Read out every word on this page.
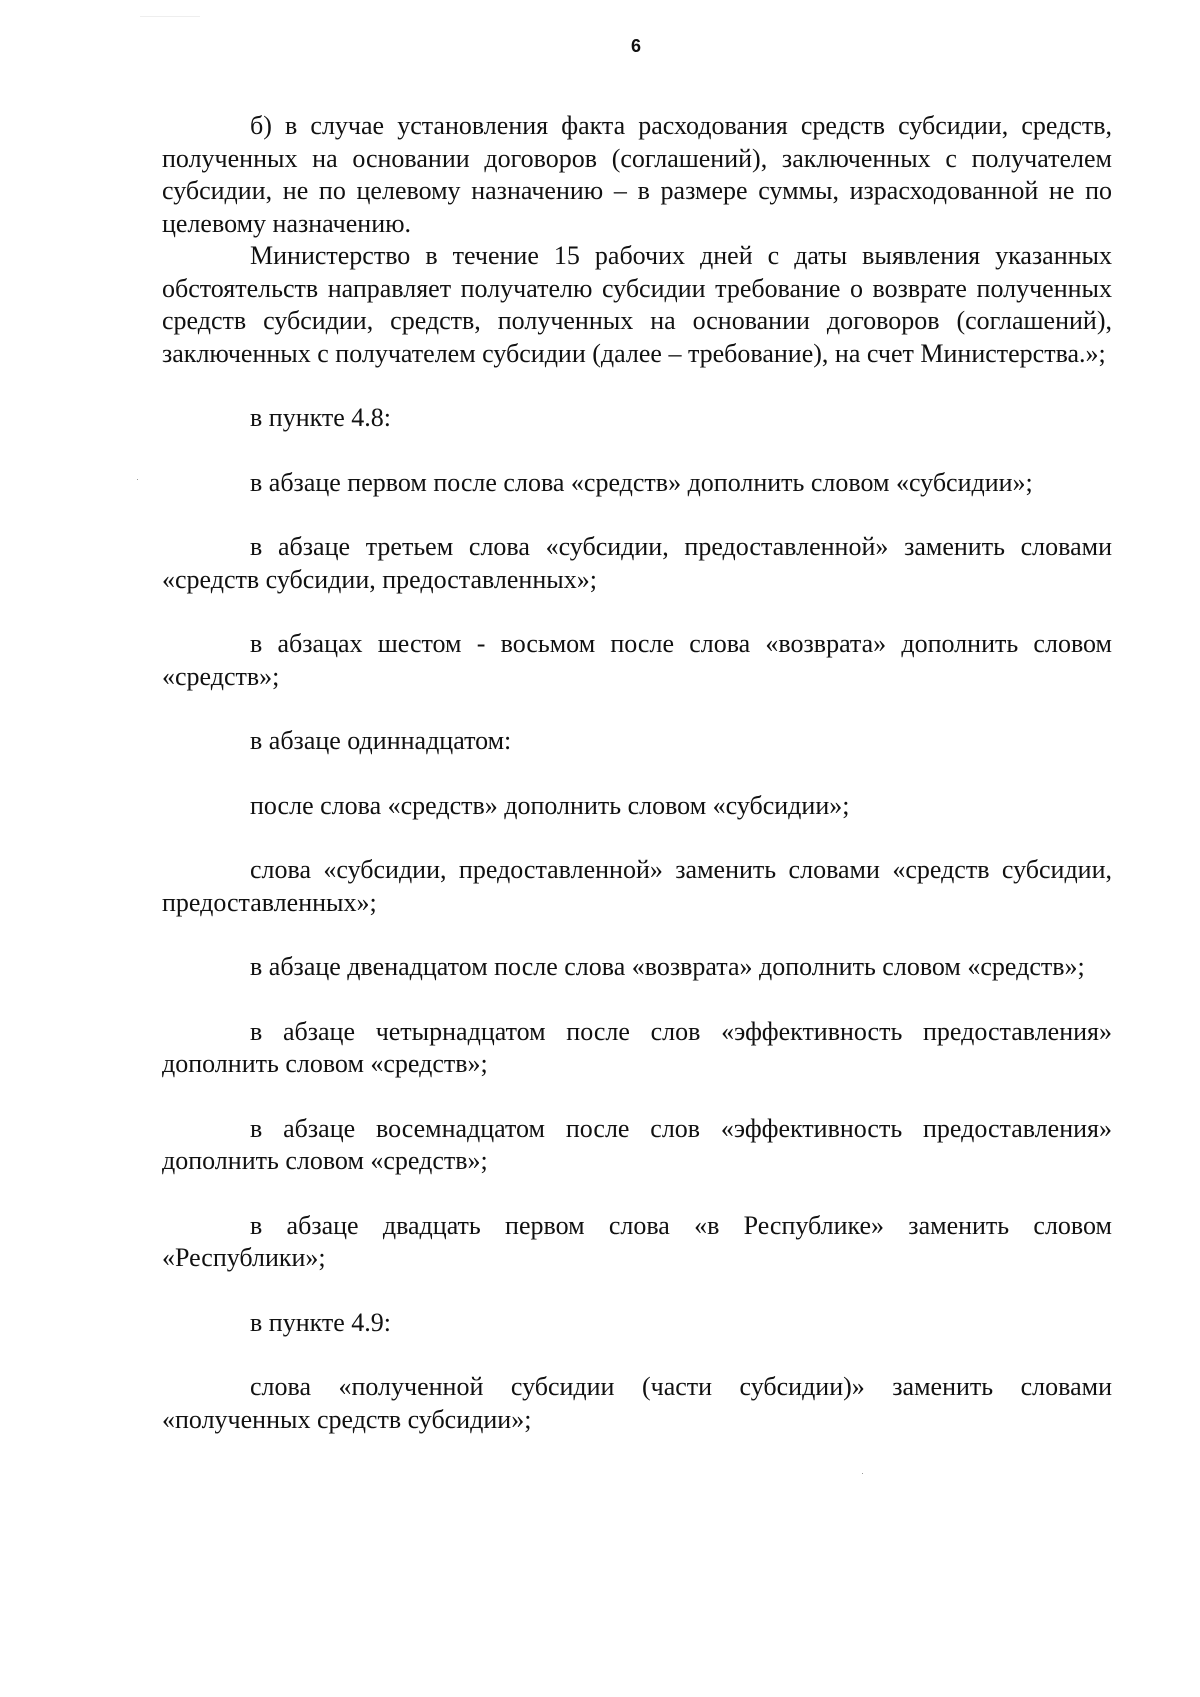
6

б) в случае установления факта расходования средств субсидии, средств, полученных на основании договоров (соглашений), заключенных с получателем субсидии, не по целевому назначению – в размере суммы, израсходованной не по целевому назначению.

Министерство в течение 15 рабочих дней с даты выявления указанных обстоятельств направляет получателю субсидии требование о возврате полученных средств субсидии, средств, полученных на основании договоров (соглашений), заключенных с получателем субсидии (далее – требование), на счет Министерства.»;

в пункте 4.8:

в абзаце первом после слова «средств» дополнить словом «субсидии»;

в абзаце третьем слова «субсидии, предоставленной» заменить словами «средств субсидии, предоставленных»;

в абзацах шестом - восьмом после слова «возврата» дополнить словом «средств»;

в абзаце одиннадцатом:

после слова «средств» дополнить словом «субсидии»;

слова «субсидии, предоставленной» заменить словами «средств субсидии, предоставленных»;

в абзаце двенадцатом после слова «возврата» дополнить словом «средств»;

в абзаце четырнадцатом после слов «эффективность предоставления» дополнить словом «средств»;

в абзаце восемнадцатом после слов «эффективность предоставления» дополнить словом «средств»;

в абзаце двадцать первом слова «в Республике» заменить словом «Республики»;

в пункте 4.9:

слова «полученной субсидии (части субсидии)» заменить словами «полученных средств субсидии»;
